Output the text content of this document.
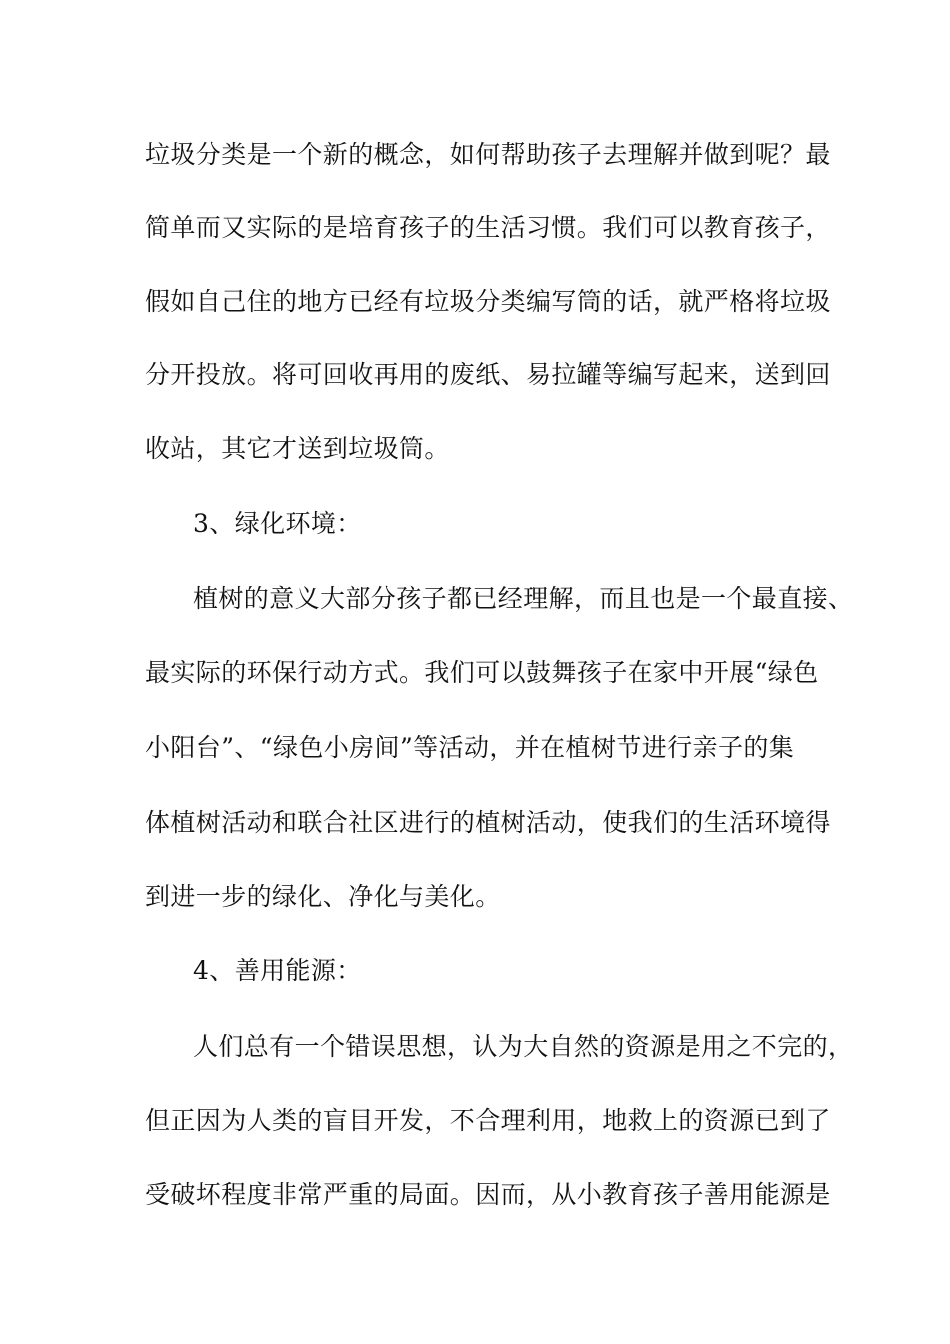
垃圾分类是一个新的概念，如何帮助孩子去理解并做到呢？最
简单而又实际的是培育孩子的生活习惯。我们可以教育孩子，
假如自己住的地方已经有垃圾分类编写筒的话，就严格将垃圾
分开投放。将可回收再用的废纸、易拉罐等编写起来，送到回
收站，其它才送到垃圾筒。
3、绿化环境：
植树的意义大部分孩子都已经理解，而且也是一个最直接、
最实际的环保行动方式。我们可以鼓舞孩子在家中开展“绿色
小阳台”、“绿色小房间”等活动，并在植树节进行亲子的集
体植树活动和联合社区进行的植树活动，使我们的生活环境得
到进一步的绿化、净化与美化。
4、善用能源：
人们总有一个错误思想，认为大自然的资源是用之不完的，
但正因为人类的盲目开发，不合理利用，地救上的资源已到了
受破坏程度非常严重的局面。因而，从小教育孩子善用能源是
